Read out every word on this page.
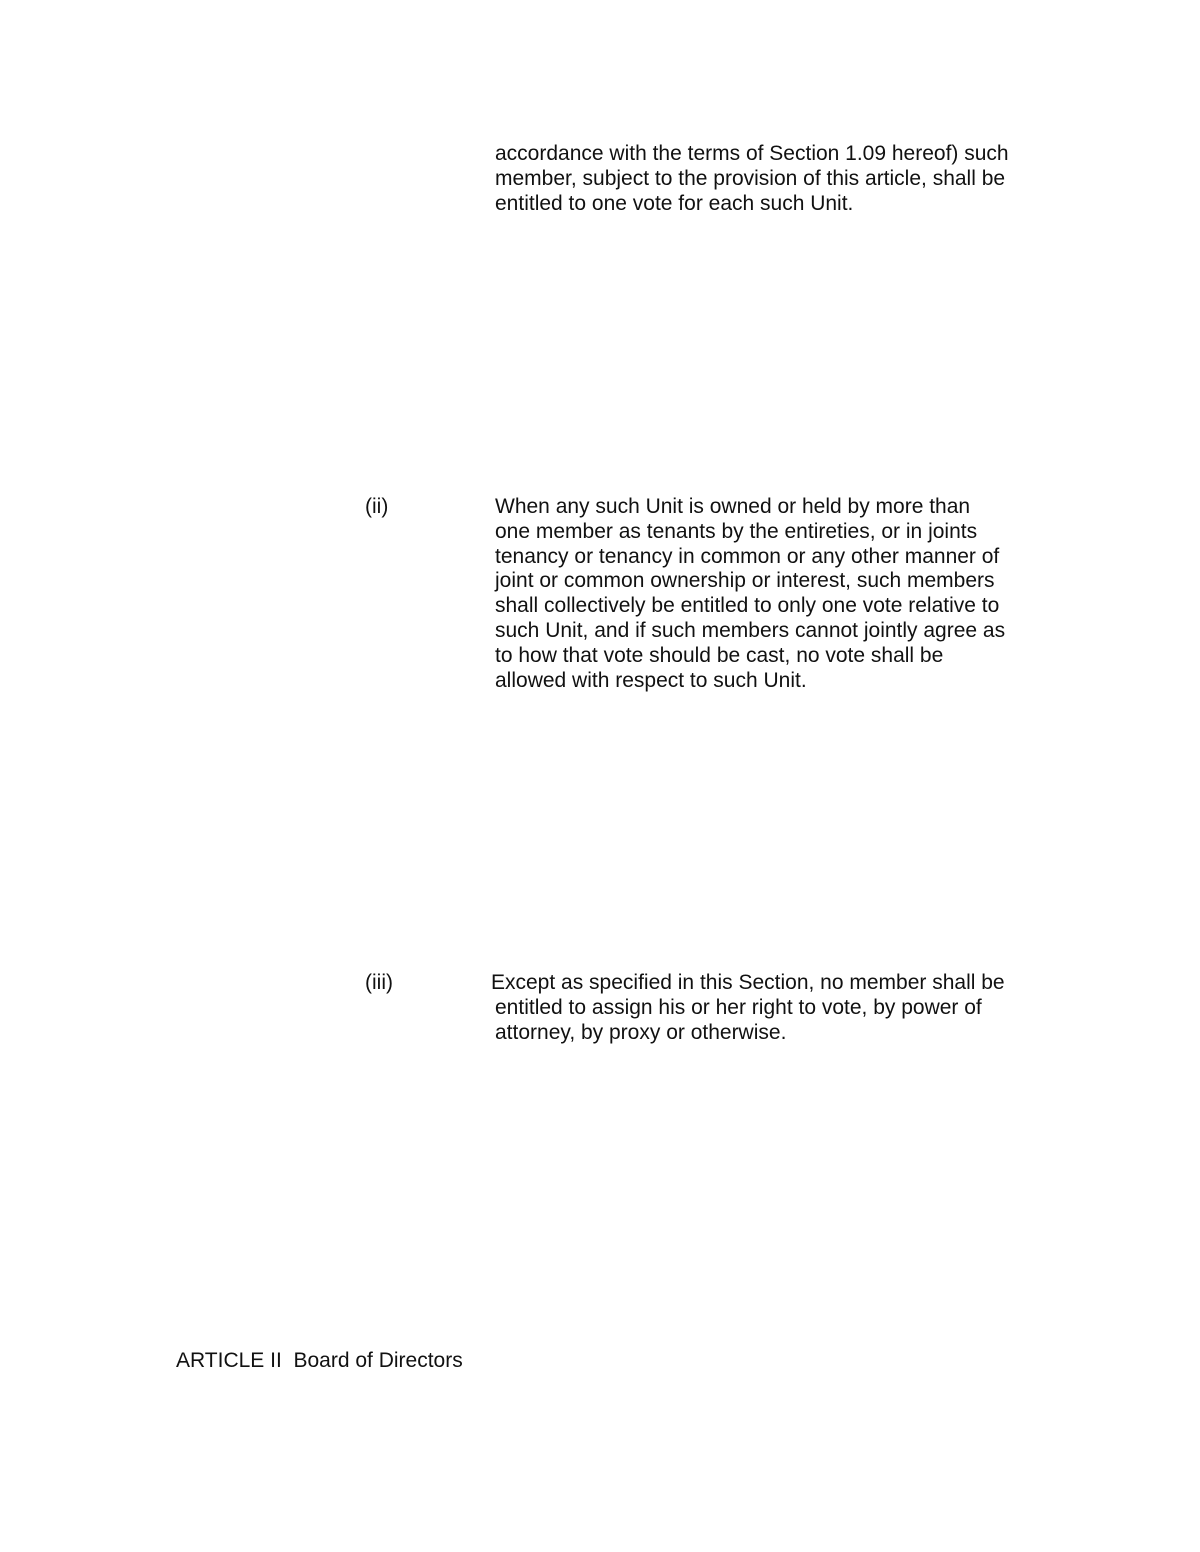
accordance with the terms of Section 1.09 hereof) such
member, subject to the provision of this article, shall be
entitled to one vote for each such Unit.
(ii)	When any such Unit is owned or held by more than
one member as tenants by the entireties, or in joints
tenancy or tenancy in common or any other manner of
joint or common ownership or interest, such members
shall collectively be entitled to only one vote relative to
such Unit, and if such members cannot jointly agree as
to how that vote should be cast, no vote shall be
allowed with respect to such Unit.
(iii)	Except as specified in this Section, no member shall be
entitled to assign his or her right to vote, by power of
attorney, by proxy or otherwise.
ARTICLE II  Board of Directors
